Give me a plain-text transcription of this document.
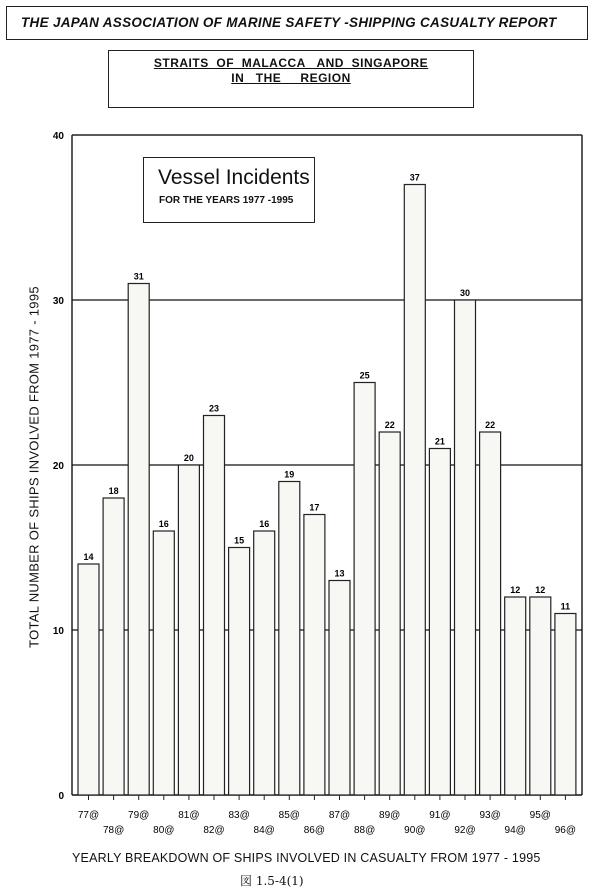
THE JAPAN ASSOCIATION OF MARINE SAFETY -SHIPPING CASUALTY REPORT
STRAITS  OF  MALACCA   AND  SINGAPORE
IN   THE     REGION
0
10
20
30
40
14
77@
18
78@
31
79@
16
80@
20
81@
23
82@
15
83@
16
84@
19
85@
17
86@
13
87@
25
88@
22
89@
37
90@
21
91@
30
92@
22
93@
12
94@
12
95@
11
96@
Vessel Incidents
FOR THE YEARS 1977 -1995
TOTAL NUMBER OF SHIPS INVOLVED FROM 1977 - 1995
YEARLY BREAKDOWN OF SHIPS INVOLVED IN CASUALTY FROM 1977 - 1995
図 1.5-4(1)
